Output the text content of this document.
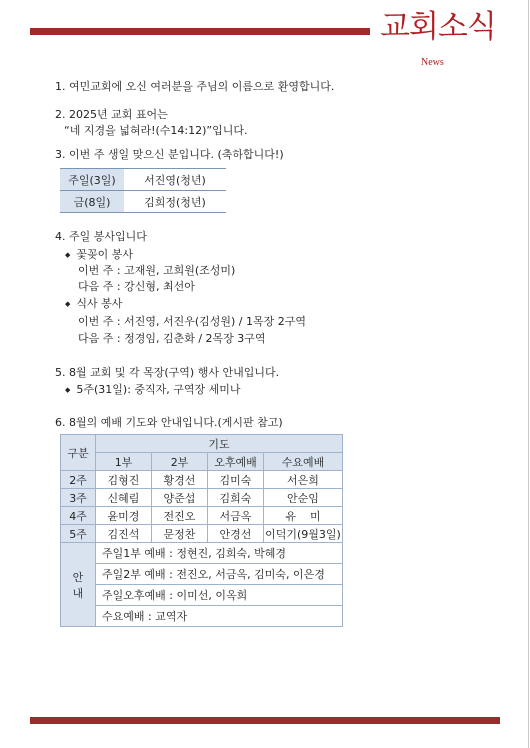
교회소식
News
1. 여민교회에 오신 여러분을 주님의 이름으로 환영합니다.
2. 2025년 교회 표어는
“네 지경을 넓혀라!(수14:12)”입니다.
3. 이번 주 생일 맞으신 분입니다. (축하합니다!)
주일(3일)	서진영(청년)
금(8일)	김희정(청년)
4. 주일 봉사입니다
◆ 꽃꽂이 봉사
이번 주 : 고재원, 고희원(조성미)
다음 주 : 강신형, 최선아
◆ 식사 봉사
이번 주 : 서진영, 서진우(김성원) / 1목장 2구역
다음 주 : 정경임, 김춘화 / 2목장 3구역
5. 8월 교회 및 각 목장(구역) 행사 안내입니다.
◆ 5주(31일): 중직자, 구역장 세미나
6. 8월의 예배 기도와 안내입니다.(게시판 참고)
구분	기도			
	1부	2부	오후예배	수요예배
2주	김형진	황경선	김미숙	서은희
3주	신혜림	양준섭	김희숙	안순임
4주	윤미경	전진오	서금옥	유    미
5주	김진석	문정찬	안경선	이덕기(9월3일)
안
내	주일1부 예배 : 정현진, 김희숙, 박혜경			
	주일2부 예배 : 전진오, 서금옥, 김미숙, 이은경			
	주일오후예배 : 이미선, 이옥희			
	수요예배 : 교역자			
